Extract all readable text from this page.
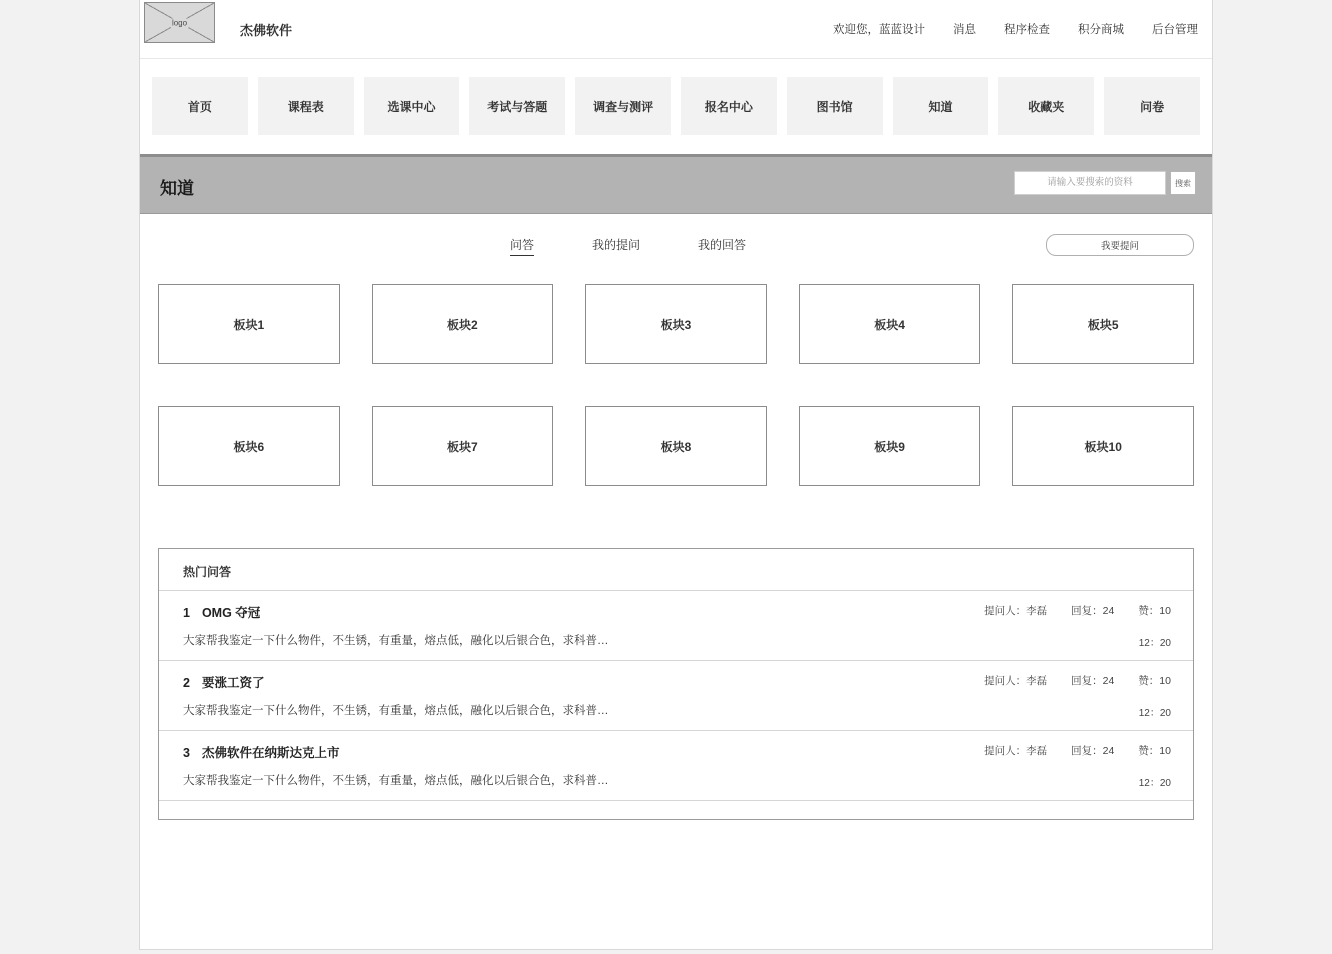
logo
杰佛软件	欢迎您，蓝蓝设计 消息 程序检查 积分商城 后台管理
首页	课程表	选课中心	考试与答题	调查与测评	报名中心	图书馆	知道	收藏夹	问卷
知道	请输入要搜索的资料	搜索
问答	我的提问	我的回答	我要提问
板块1	板块2	板块3	板块4	板块5
板块6	板块7	板块8	板块9	板块10
热门问答
1 OMG 夺冠	提问人：李磊 回复：24 赞：10
大家帮我鉴定一下什么物件，不生锈，有重量，熔点低，融化以后银合色，求科普…	12：20
2 要涨工资了	提问人：李磊 回复：24 赞：10
大家帮我鉴定一下什么物件，不生锈，有重量，熔点低，融化以后银合色，求科普…	12：20
3 杰佛软件在纳斯达克上市	提问人：李磊 回复：24 赞：10
大家帮我鉴定一下什么物件，不生锈，有重量，熔点低，融化以后银合色，求科普…	12：20
